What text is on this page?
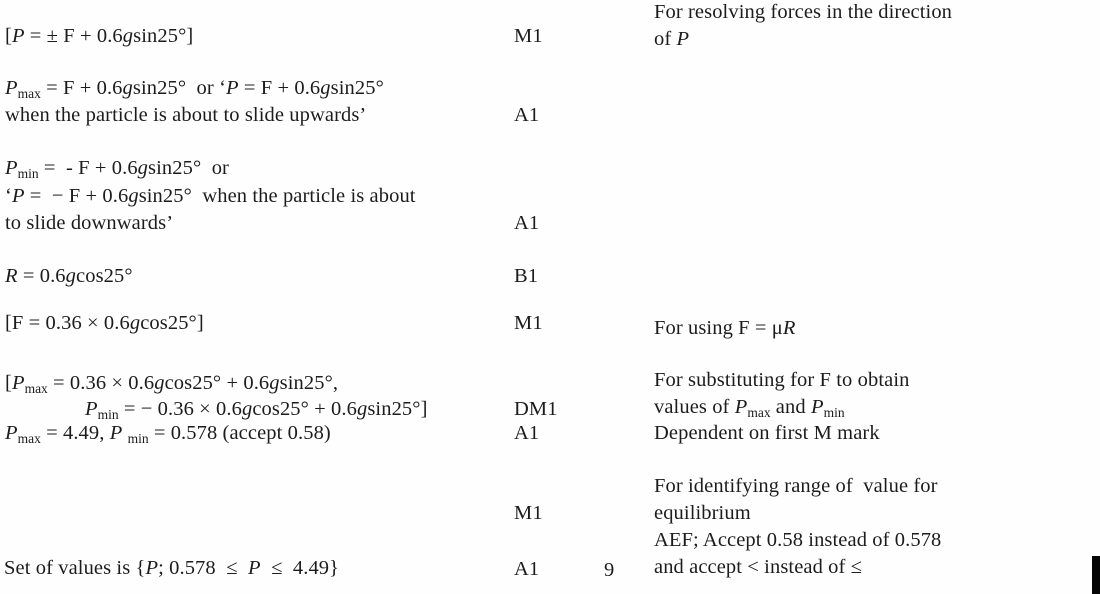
[P = ± F + 0.6gsin25°]
Pmax = F + 0.6gsin25°  or ‘P = F + 0.6gsin25°
when the particle is about to slide upwards’
Pmin =  - F + 0.6gsin25°  or
‘P =  − F + 0.6gsin25°  when the particle is about
to slide downwards’
R = 0.6gcos25°
[F = 0.36 × 0.6gcos25°]
[Pmax = 0.36 × 0.6gcos25° + 0.6gsin25°,
Pmin = − 0.36 × 0.6gcos25° + 0.6gsin25°]
Pmax = 4.49, P min = 0.578 (accept 0.58)
Set of values is {P; 0.578  ≤  P  ≤  4.49}
M1
A1
A1
B1
M1
DM1
A1
M1
A1	9
For resolving forces in the direction
of P
For using F = μR
For substituting for F to obtain
values of Pmax and Pmin
Dependent on first M mark
For identifying range of  value for
equilibrium
AEF; Accept 0.58 instead of 0.578
and accept < instead of ≤
